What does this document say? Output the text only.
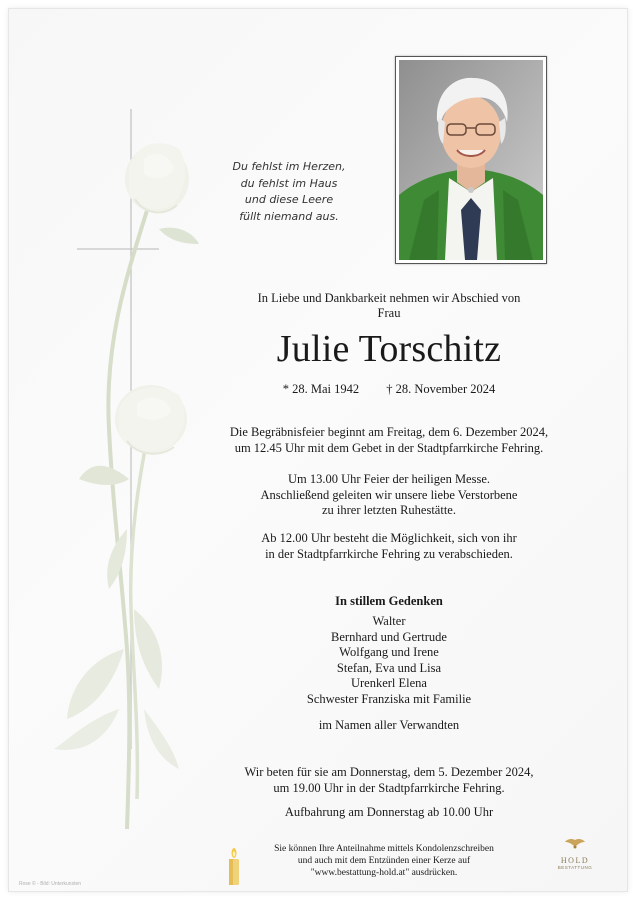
Du fehlst im Herzen,
du fehlst im Haus
und diese Leere
füllt niemand aus.
In Liebe und Dankbarkeit nehmen wir Abschied von
Frau
Julie Torschitz
* 28. Mai 1942 † 28. November 2024
Die Begräbnisfeier beginnt am Freitag, dem 6. Dezember 2024,
um 12.45 Uhr mit dem Gebet in der Stadtpfarrkirche Fehring.
Um 13.00 Uhr Feier der heiligen Messe.
Anschließend geleiten wir unsere liebe Verstorbene
zu ihrer letzten Ruhestätte.
Ab 12.00 Uhr besteht die Möglichkeit, sich von ihr
in der Stadtpfarrkirche Fehring zu verabschieden.
In stillem Gedenken
Walter
Bernhard und Gertrude
Wolfgang und Irene
Stefan, Eva und Lisa
Urenkerl Elena
Schwester Franziska mit Familie
im Namen aller Verwandten
Wir beten für sie am Donnerstag, dem 5. Dezember 2024,
um 19.00 Uhr in der Stadtpfarrkirche Fehring.
Aufbahrung am Donnerstag ab 10.00 Uhr
Sie können Ihre Anteilnahme mittels Kondolenzschreiben
und auch mit dem Entzünden einer Kerze auf
"www.bestattung-hold.at" ausdrücken.
HOLD
BESTATTUNG
Rose © - Bild: Unterkunsten
